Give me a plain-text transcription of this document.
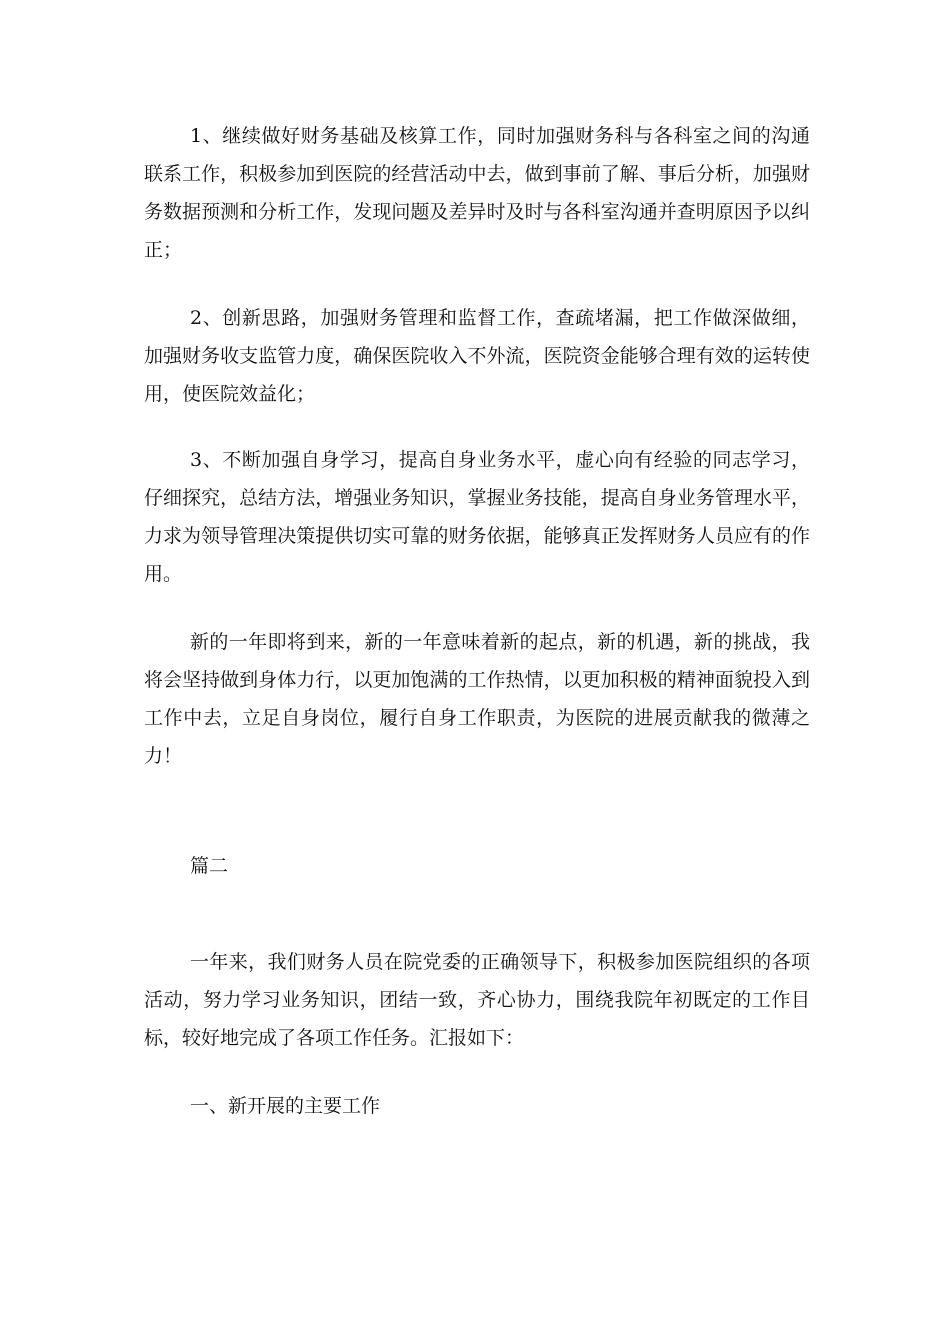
1、继续做好财务基础及核算工作，同时加强财务科与各科室之间的沟通联系工作，积极参加到医院的经营活动中去，做到事前了解、事后分析，加强财务数据预测和分析工作，发现问题及差异时及时与各科室沟通并查明原因予以纠正；

2、创新思路，加强财务管理和监督工作，查疏堵漏，把工作做深做细，加强财务收支监管力度，确保医院收入不外流，医院资金能够合理有效的运转使用，使医院效益化；

3、不断加强自身学习，提高自身业务水平，虚心向有经验的同志学习，仔细探究，总结方法，增强业务知识，掌握业务技能，提高自身业务管理水平，力求为领导管理决策提供切实可靠的财务依据，能够真正发挥财务人员应有的作用。

新的一年即将到来，新的一年意味着新的起点，新的机遇，新的挑战，我将会坚持做到身体力行，以更加饱满的工作热情，以更加积极的精神面貌投入到工作中去，立足自身岗位，履行自身工作职责，为医院的进展贡献我的微薄之力！

篇二

一年来，我们财务人员在院党委的正确领导下，积极参加医院组织的各项活动，努力学习业务知识，团结一致，齐心协力，围绕我院年初既定的工作目标，较好地完成了各项工作任务。汇报如下：

一、新开展的主要工作
